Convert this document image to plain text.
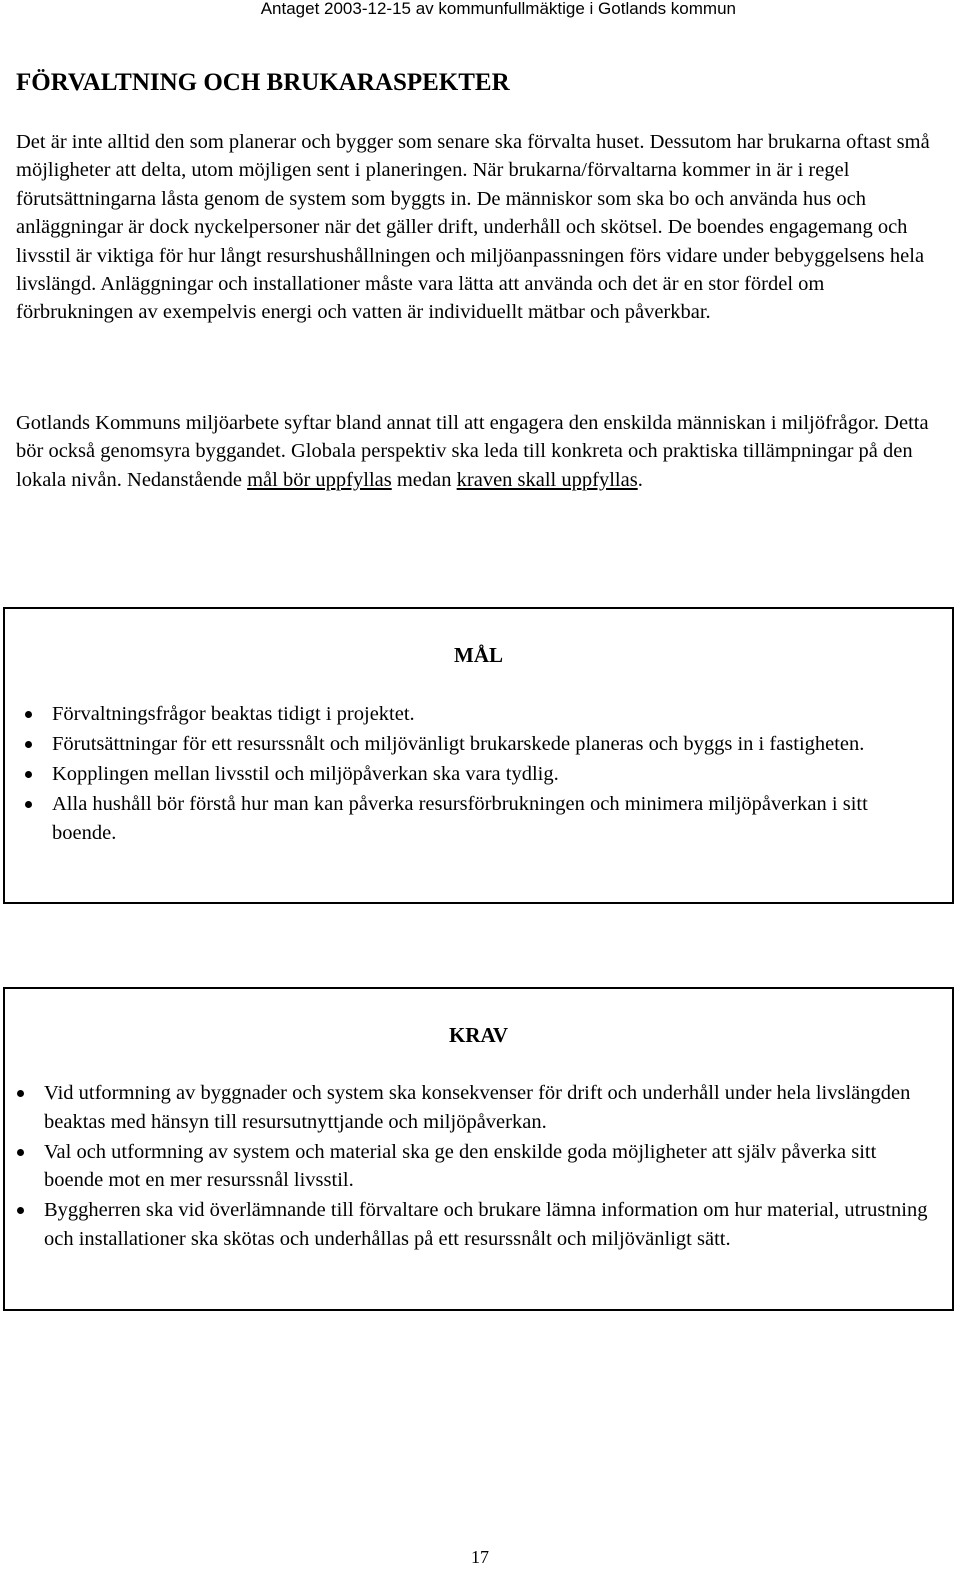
Antaget 2003-12-15 av kommunfullmäktige i Gotlands kommun
FÖRVALTNING OCH BRUKARASPEKTER

Det är inte alltid den som planerar och bygger som senare ska förvalta huset. Dessutom har brukarna oftast små möjligheter att delta, utom möjligen sent i planeringen. När brukarna/förvaltarna kommer in är i regel förutsättningarna låsta genom de system som byggts in. De människor som ska bo och använda hus och anläggningar är dock nyckelpersoner när det gäller drift, underhåll och skötsel. De boendes engagemang och livsstil är viktiga för hur långt resurshushållningen och miljöanpassningen förs vidare under bebyggelsens hela livslängd. Anläggningar och installationer måste vara lätta att använda och det är en stor fördel om förbrukningen av exempelvis energi och vatten är individuellt mätbar och påverkbar.

Gotlands Kommuns miljöarbete syftar bland annat till att engagera den enskilda människan i miljöfrågor. Detta bör också genomsyra byggandet. Globala perspektiv ska leda till konkreta och praktiska tillämpningar på den lokala nivån. Nedanstående mål bör uppfyllas medan kraven skall uppfyllas.

MÅL
Förvaltningsfrågor beaktas tidigt i projektet.
Förutsättningar för ett resurssnålt och miljövänligt brukarskede planeras och byggs in i fastigheten.
Kopplingen mellan livsstil och miljöpåverkan ska vara tydlig.
Alla hushåll bör förstå hur man kan påverka resursförbrukningen och minimera miljöpåverkan i sitt boende.
KRAV
Vid utformning av byggnader och system ska konsekvenser för drift och underhåll under hela livslängden beaktas med hänsyn till resursutnyttjande och miljöpåverkan.
Val och utformning av system och material ska ge den enskilde goda möjligheter att själv påverka sitt boende mot en mer resurssnål livsstil.
Byggherren ska vid överlämnande till förvaltare och brukare lämna information om hur material, utrustning och installationer ska skötas och underhållas på ett resurssnålt och miljövänligt sätt.
17
